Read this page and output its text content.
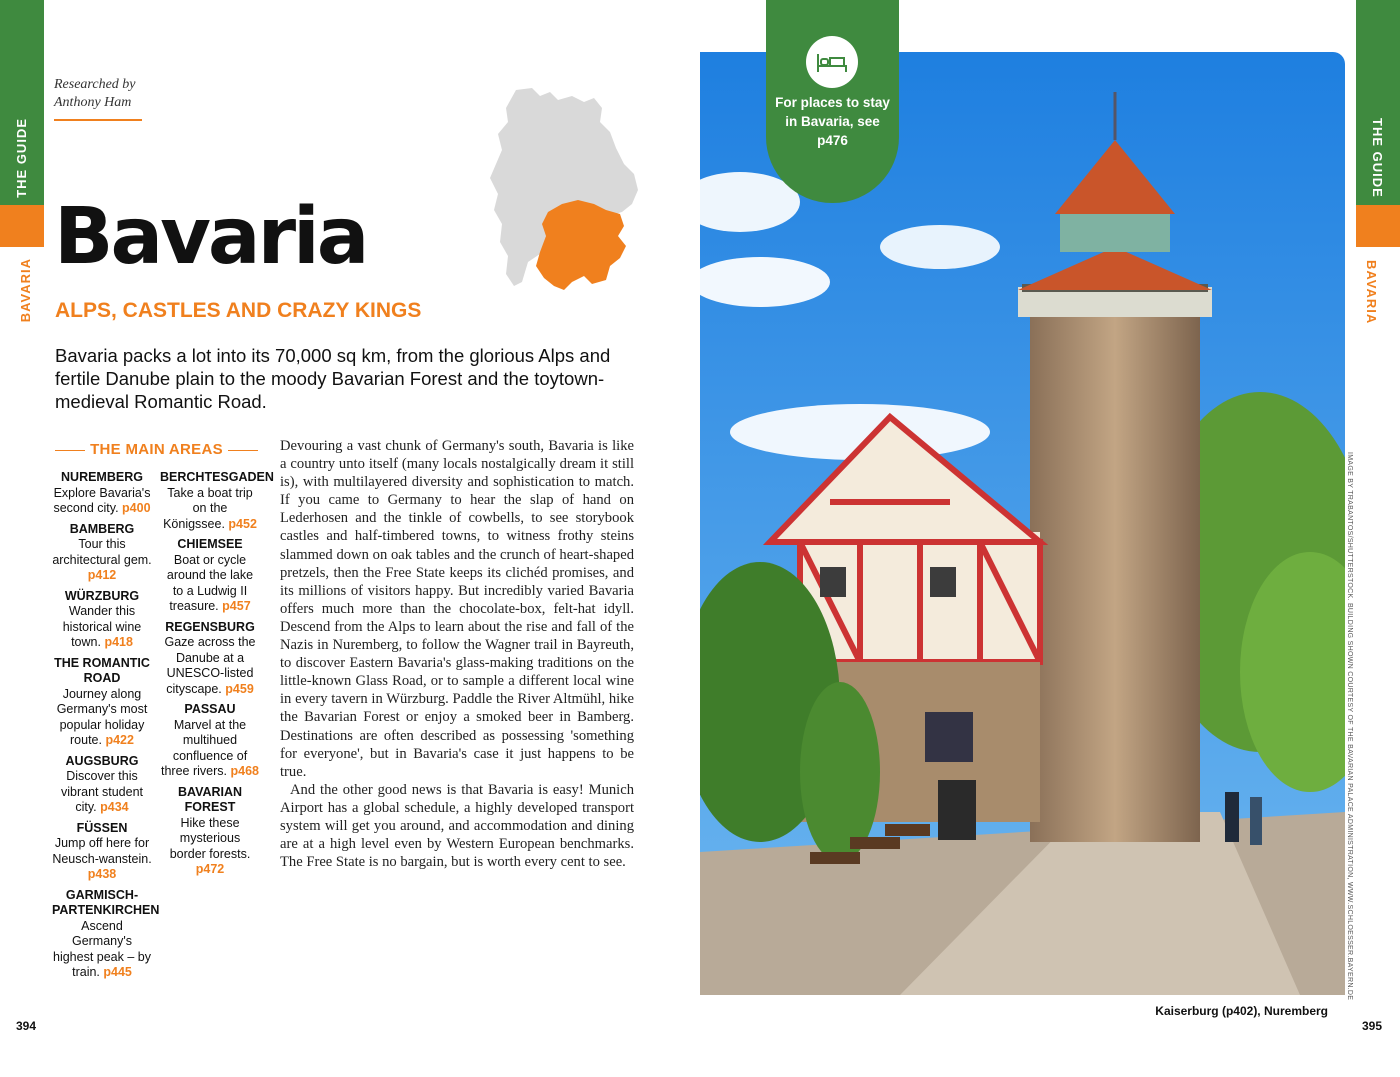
THE GUIDE
BAVARIA
THE GUIDE
BAVARIA
Researched by
Anthony Ham
Bavaria
ALPS, CASTLES AND CRAZY KINGS
Bavaria packs a lot into its 70,000 sq km, from the glorious Alps and fertile Danube plain to the moody Bavarian Forest and the toytown-medieval Romantic Road.
THE MAIN AREAS
NUREMBERG
Explore Bavaria's second city. p400
BAMBERG
Tour this architectural gem. p412
WÜRZBURG
Wander this historical wine town. p418
THE ROMANTIC ROAD
Journey along Germany's most popular holiday route. p422
AUGSBURG
Discover this vibrant student city. p434
FÜSSEN
Jump off here for Neusch-wanstein. p438
GARMISCH-PARTENKIRCHEN
Ascend Germany's highest peak – by train. p445
BERCHTESGADEN
Take a boat trip on the Königssee. p452
CHIEMSEE
Boat or cycle around the lake to a Ludwig II treasure. p457
REGENSBURG
Gaze across the Danube at a UNESCO-listed cityscape. p459
PASSAU
Marvel at the multihued confluence of three rivers. p468
BAVARIAN FOREST
Hike these mysterious border forests. p472

Devouring a vast chunk of Germany's south, Bavaria is like a country unto itself (many locals nostalgically dream it still is), with multilayered diversity and sophistication to match. If you came to Germany to hear the slap of hand on Lederhosen and the tinkle of cowbells, to see storybook castles and half-timbered towns, to witness frothy steins slammed down on oak tables and the crunch of heart-shaped pretzels, then the Free State keeps its clichéd promises, and its millions of visitors happy. But incredibly varied Bavaria offers much more than the chocolate-box, felt-hat idyll. Descend from the Alps to learn about the rise and fall of the Nazis in Nuremberg, to follow the Wagner trail in Bayreuth, to discover Eastern Bavaria's glass-making traditions on the little-known Glass Road, or to sample a different local wine in every tavern in Würzburg. Paddle the River Altmühl, hike the Bavarian Forest or enjoy a smoked beer in Bamberg. Destinations are often described as possessing 'something for everyone', but in Bavaria's case it just happens to be true.

And the other good news is that Bavaria is easy! Munich Airport has a global schedule, a highly developed transport system will get you around, and accommodation and dining are at a high level even by Western European benchmarks. The Free State is no bargain, but is worth every cent to see.

394
For places to stay
in Bavaria, see
p476
IMAGE BY TRABANTOS/SHUTTERSTOCK. BUILDING SHOWN COURTESY OF THE BAVARIAN PALACE ADMINISTRATION, WWW.SCHLOESSER.BAYERN.DE
Kaiserburg (p402), Nuremberg
395
